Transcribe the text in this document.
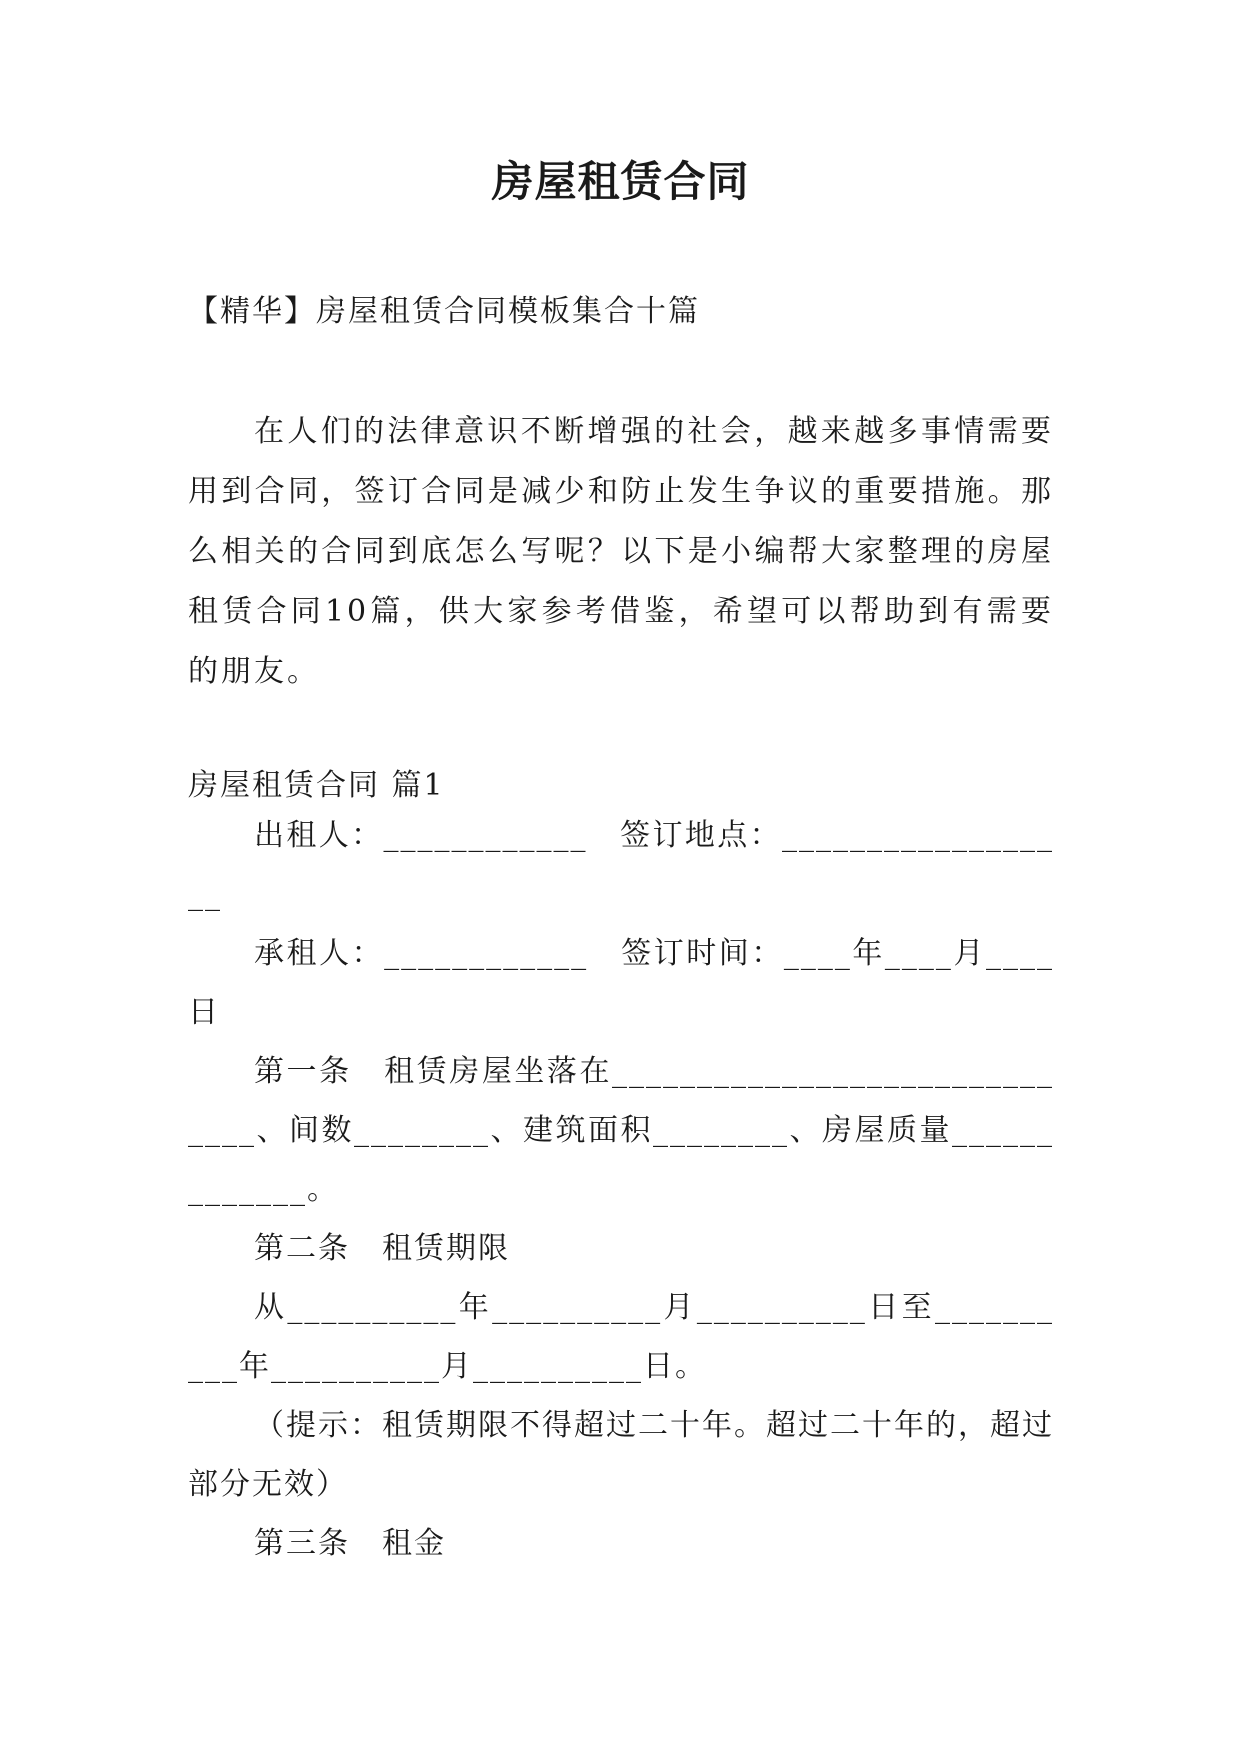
房屋租赁合同
【精华】房屋租赁合同模板集合十篇
在人们的法律意识不断增强的社会，越来越多事情需要用到合同，签订合同是减少和防止发生争议的重要措施。那么相关的合同到底怎么写呢？以下是小编帮大家整理的房屋租赁合同10篇，供大家参考借鉴，希望可以帮助到有需要的朋友。
房屋租赁合同 篇1

出租人：____________　签订地点：__________________

承租人：____________　签订时间：____年____月____日

第一条　租赁房屋坐落在______________________________、间数________、建筑面积________、房屋质量_____________。

第二条　租赁期限

从__________年__________月__________日至__________年__________月__________日。

（提示：租赁期限不得超过二十年。超过二十年的，超过部分无效）

第三条　租金
